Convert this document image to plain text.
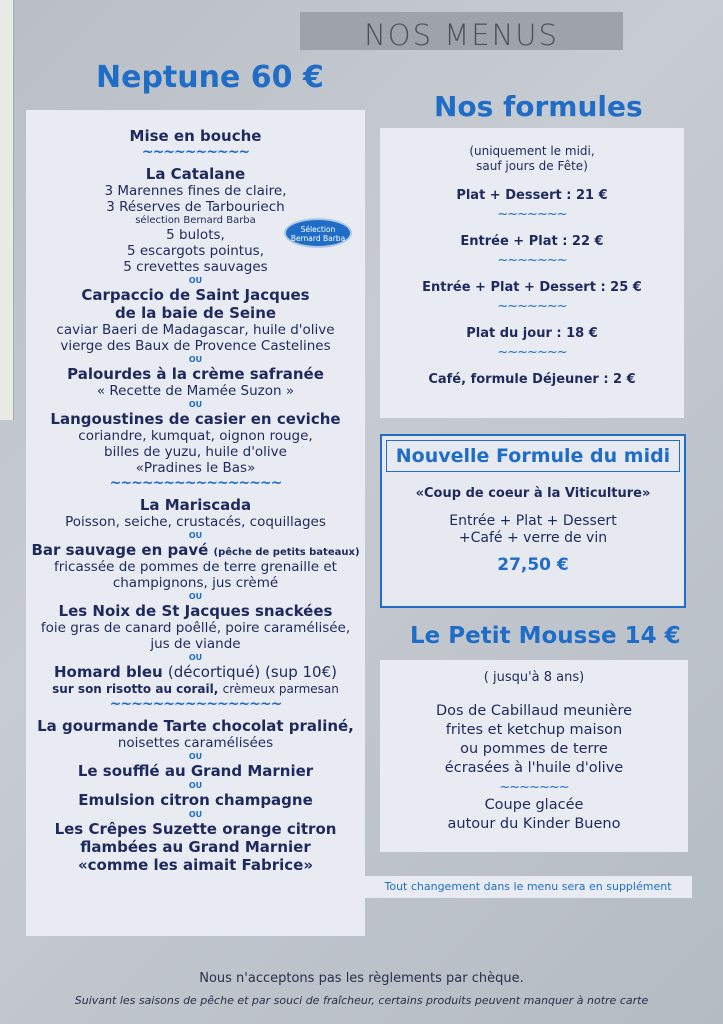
NOS MENUS
Neptune 60 €
Nos formules
Mise en bouche
~~~~~~~~~~
La Catalane
3 Marennes fines de claire,
3 Réserves de Tarbouriech
sélection Bernard Barba
5 bulots,
5 escargots pointus,
5 crevettes sauvages
OU
Carpaccio de Saint Jacques
de la baie de Seine
caviar Baeri de Madagascar, huile d'olive
vierge des Baux de Provence Castelines
OU
Palourdes à la crème safranée
« Recette de Mamée Suzon »
OU
Langoustines de casier en ceviche
coriandre, kumquat, oignon rouge,
billes de yuzu, huile d'olive
«Pradines le Bas»
~~~~~~~~~~~~~~~~
La Mariscada
Poisson, seiche, crustacés, coquillages
OU
Bar sauvage en pavé (pêche de petits bateaux)
fricassée de pommes de terre grenaille et
champignons, jus crèmé
OU
Les Noix de St Jacques snackées
foie gras de canard poêllé, poire caramélisée,
jus de viande
OU
Homard bleu (décortiqué) (sup 10€)
sur son risotto au corail, crèmeux parmesan
~~~~~~~~~~~~~~~~
La gourmande Tarte chocolat praliné,
noisettes caramélisées
OU
Le soufflé au Grand Marnier
OU
Emulsion citron champagne
OU
Les Crêpes Suzette orange citron
flambées au Grand Marnier
«comme les aimait Fabrice»
Sélection Bernard Barba
(uniquement le midi,
sauf jours de Fête)
Plat + Dessert : 21 €
~~~~~~~
Entrée + Plat : 22 €
~~~~~~~
Entrée + Plat + Dessert : 25 €
~~~~~~~
Plat du jour : 18 €
~~~~~~~
Café, formule Déjeuner : 2 €
Nouvelle Formule du midi
«Coup de coeur à la Viticulture»
Entrée + Plat + Dessert
+Café + verre de vin
27,50 €
Le Petit Mousse 14 €
( jusqu'à 8 ans)
Dos de Cabillaud meunière
frites et ketchup maison
ou pommes de terre
écrasées à l'huile d'olive
~~~~~~~
Coupe glacée
autour du Kinder Bueno
Tout changement dans le menu sera en supplément
Nous n'acceptons pas les règlements par chèque.
Suivant les saisons de pêche et par souci de fraîcheur, certains produits peuvent manquer à notre carte
